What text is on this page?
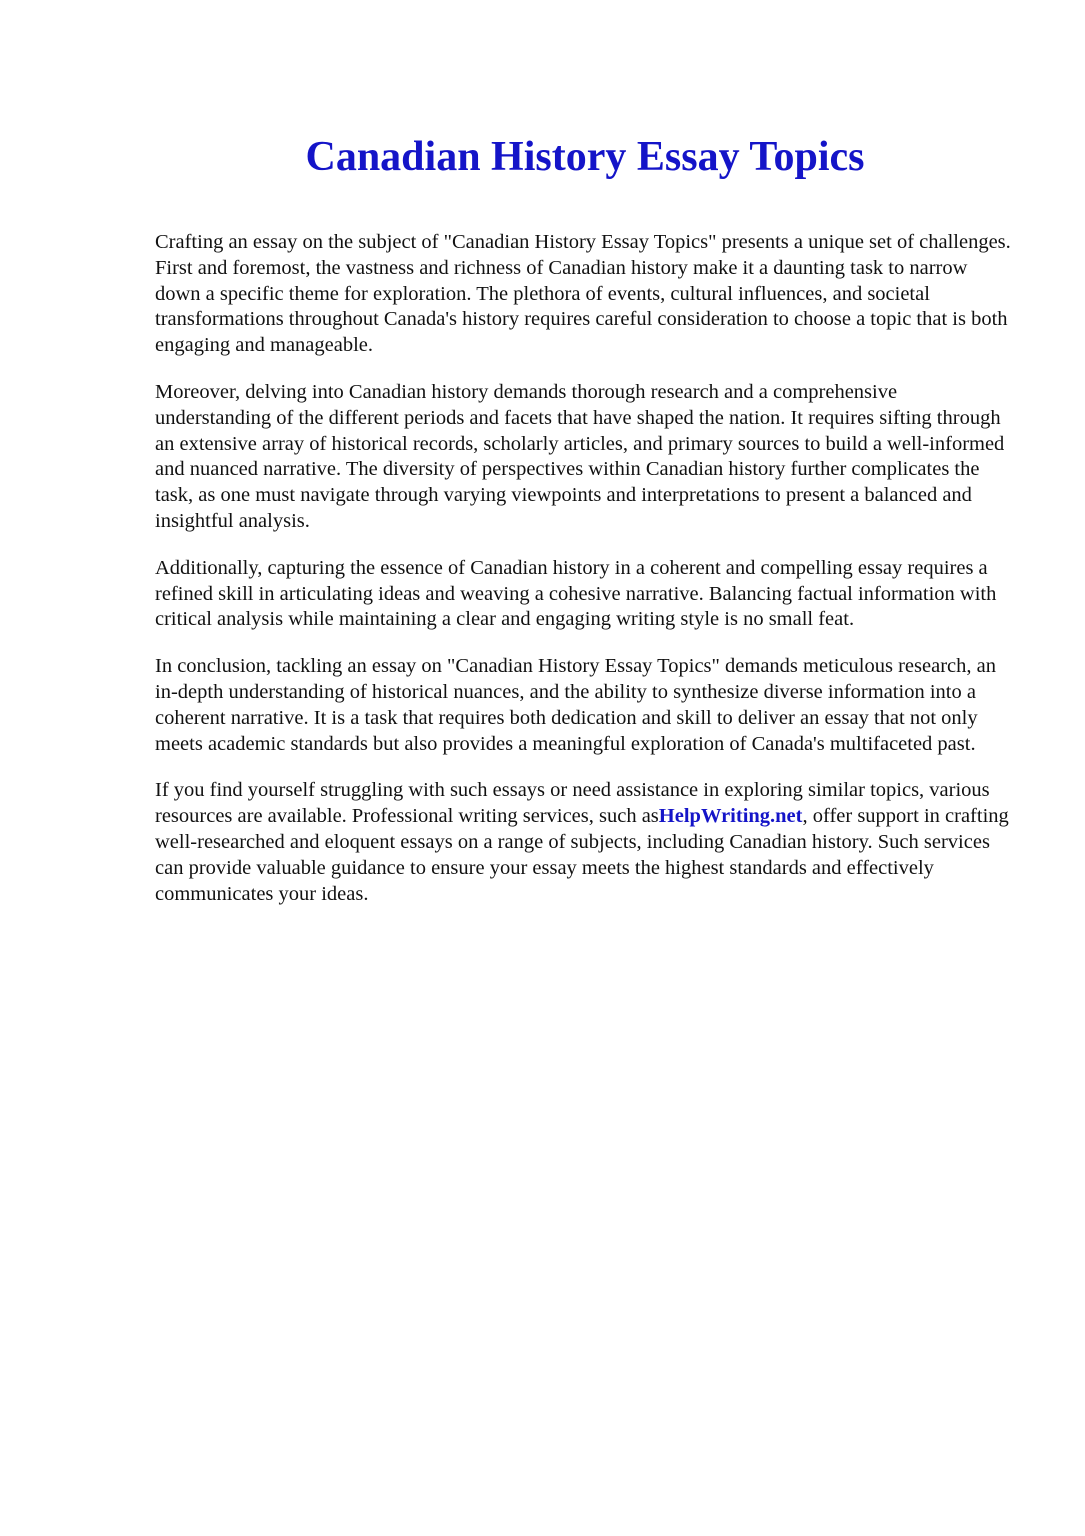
Canadian History Essay Topics

Crafting an essay on the subject of "Canadian History Essay Topics" presents a unique set of challenges. First and foremost, the vastness and richness of Canadian history make it a daunting task to narrow down a specific theme for exploration. The plethora of events, cultural influences, and societal transformations throughout Canada's history requires careful consideration to choose a topic that is both engaging and manageable.

Moreover, delving into Canadian history demands thorough research and a comprehensive understanding of the different periods and facets that have shaped the nation. It requires sifting through an extensive array of historical records, scholarly articles, and primary sources to build a well-informed and nuanced narrative. The diversity of perspectives within Canadian history further complicates the task, as one must navigate through varying viewpoints and interpretations to present a balanced and insightful analysis.

Additionally, capturing the essence of Canadian history in a coherent and compelling essay requires a refined skill in articulating ideas and weaving a cohesive narrative. Balancing factual information with critical analysis while maintaining a clear and engaging writing style is no small feat.

In conclusion, tackling an essay on "Canadian History Essay Topics" demands meticulous research, an in-depth understanding of historical nuances, and the ability to synthesize diverse information into a coherent narrative. It is a task that requires both dedication and skill to deliver an essay that not only meets academic standards but also provides a meaningful exploration of Canada's multifaceted past.

If you find yourself struggling with such essays or need assistance in exploring similar topics, various resources are available. Professional writing services, such asHelpWriting.net, offer support in crafting well-researched and eloquent essays on a range of subjects, including Canadian history. Such services can provide valuable guidance to ensure your essay meets the highest standards and effectively communicates your ideas.
